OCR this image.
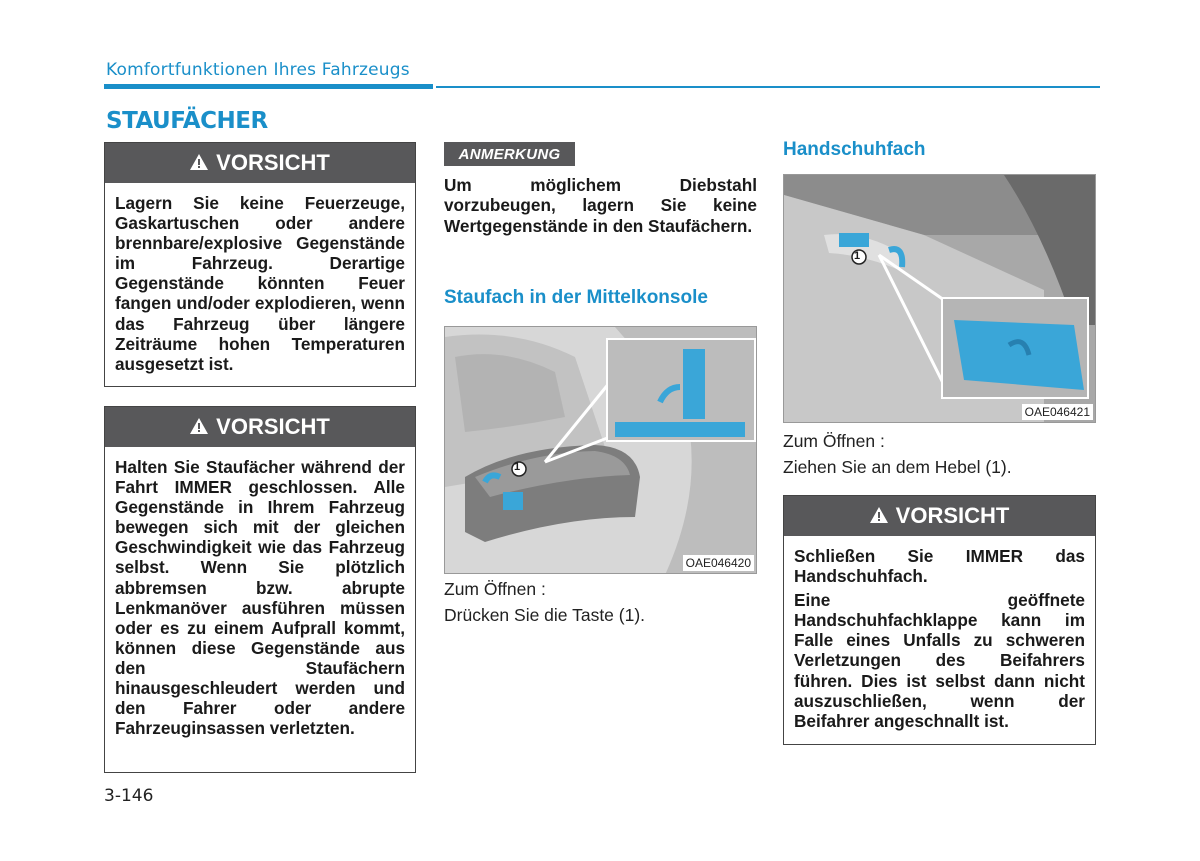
Komfortfunktionen Ihres Fahrzeugs
STAUFÄCHER
VORSICHT

Lagern Sie keine Feuerzeuge, Gaskartuschen oder andere brennbare/explosive Gegenstände im Fahrzeug. Derartige Gegenstände könnten Feuer fangen und/oder explodieren, wenn das Fahrzeug über längere Zeiträume hohen Temperaturen ausgesetzt ist.

VORSICHT

Halten Sie Staufächer während der Fahrt IMMER geschlossen. Alle Gegenstände in Ihrem Fahrzeug bewegen sich mit der gleichen Geschwindigkeit wie das Fahrzeug selbst. Wenn Sie plötzlich abbremsen bzw. abrupte Lenkmanöver ausführen müssen oder es zu einem Aufprall kommt, können diese Gegenstände aus den Staufächern hinausgeschleudert werden und den Fahrer oder andere Fahrzeuginsassen verletzten.

ANMERKUNG
Um möglichem Diebstahl vorzubeugen, lagern Sie keine Wertgegenstände in den Staufächern.
Staufach in der Mittelkonsole
1
OAE046420
Zum Öffnen :
Drücken Sie die Taste (1).
Handschuhfach
1
OAE046421
Zum Öffnen :
Ziehen Sie an dem Hebel (1).
VORSICHT

Schließen Sie IMMER das Handschuhfach.

Eine geöffnete Handschuhfachklappe kann im Falle eines Unfalls zu schweren Verletzungen des Beifahrers führen. Dies ist selbst dann nicht auszuschließen, wenn der Beifahrer angeschnallt ist.

3-146
